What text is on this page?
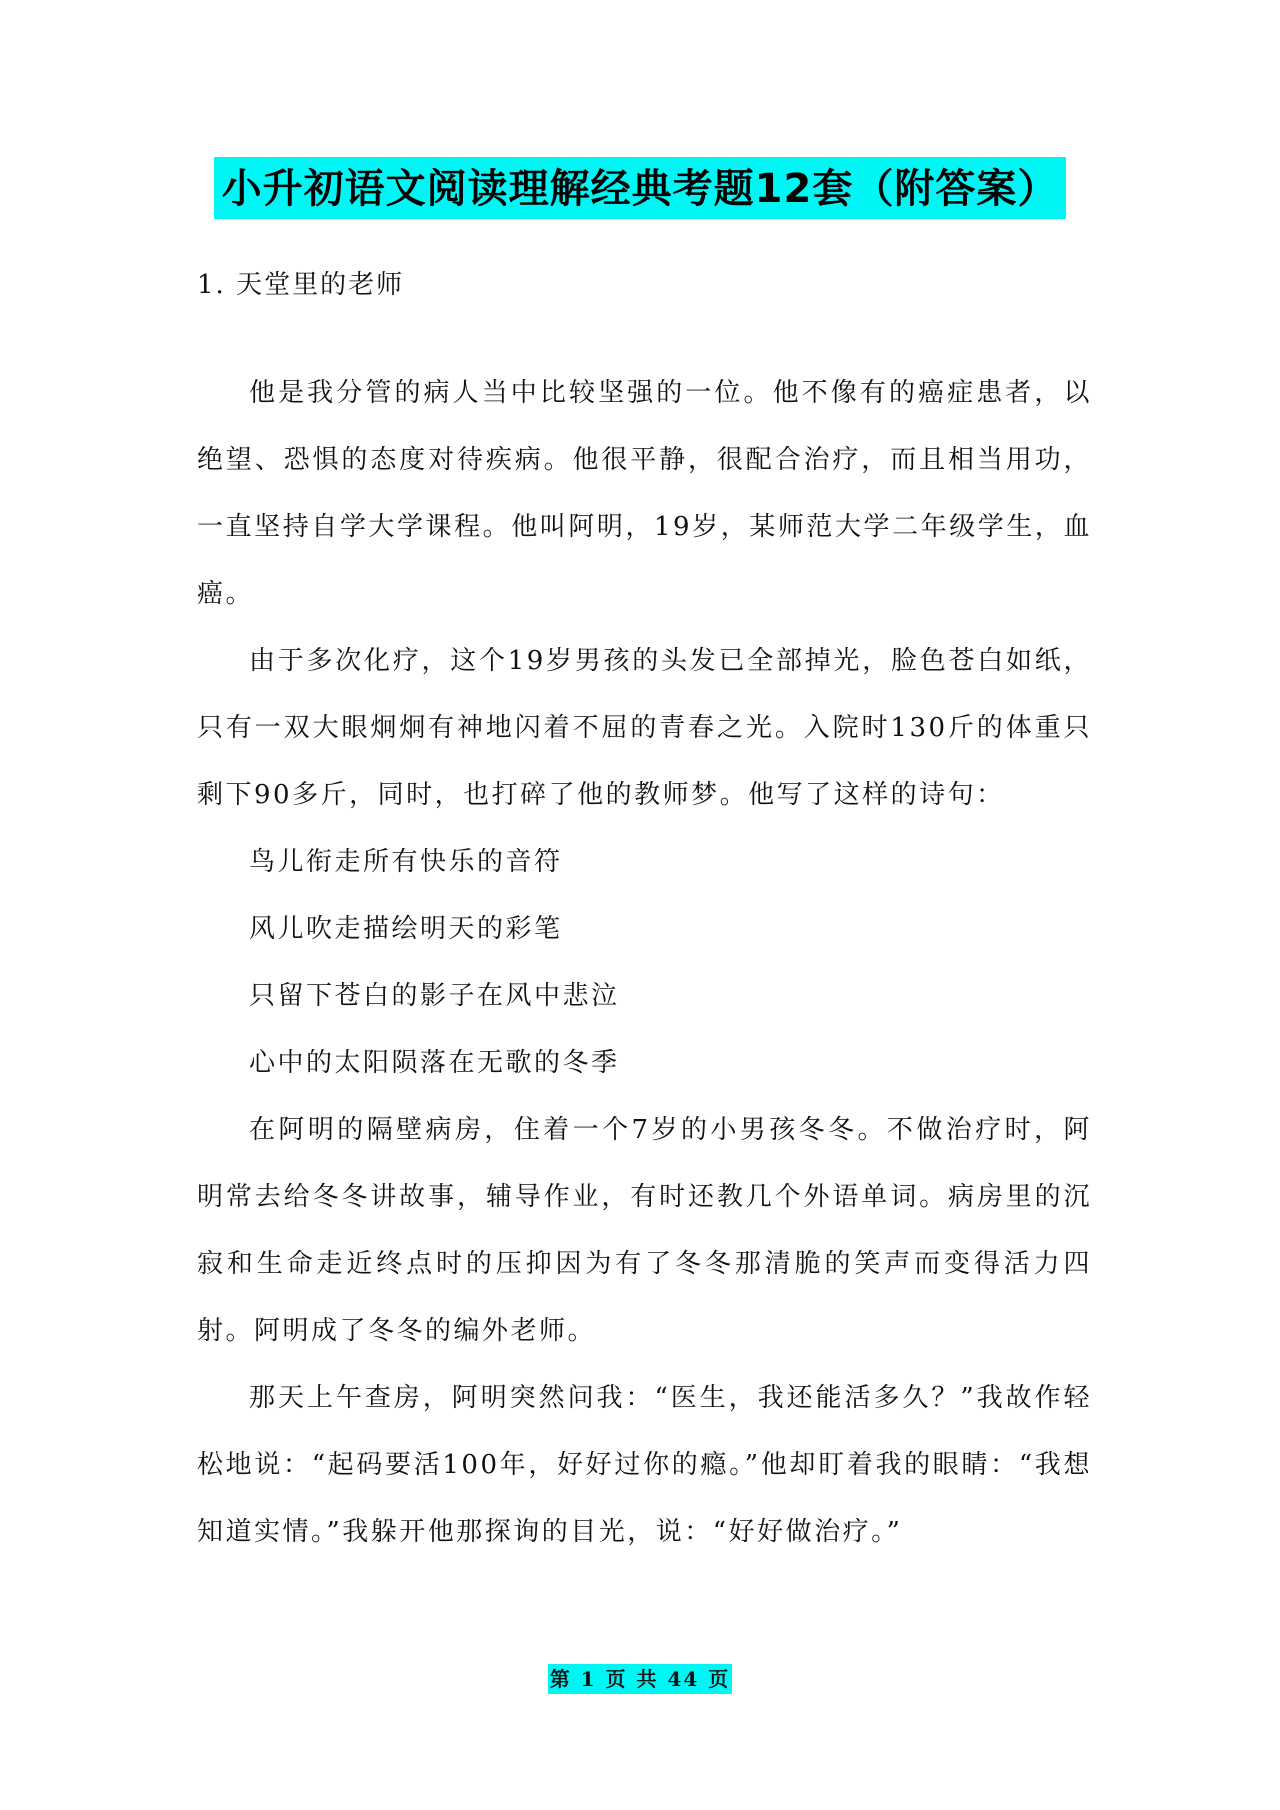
小升初语文阅读理解经典考题12套（附答案）
1. 天堂里的老师

他是我分管的病人当中比较坚强的一位。他不像有的癌症患者，以绝望、恐惧的态度对待疾病。他很平静，很配合治疗，而且相当用功，一直坚持自学大学课程。他叫阿明，19岁，某师范大学二年级学生，血癌。

由于多次化疗，这个19岁男孩的头发已全部掉光，脸色苍白如纸，只有一双大眼炯炯有神地闪着不屈的青春之光。入院时130斤的体重只剩下90多斤，同时，也打碎了他的教师梦。他写了这样的诗句：

鸟儿衔走所有快乐的音符

风儿吹走描绘明天的彩笔

只留下苍白的影子在风中悲泣

心中的太阳陨落在无歌的冬季

在阿明的隔壁病房，住着一个7岁的小男孩冬冬。不做治疗时，阿明常去给冬冬讲故事，辅导作业，有时还教几个外语单词。病房里的沉寂和生命走近终点时的压抑因为有了冬冬那清脆的笑声而变得活力四射。阿明成了冬冬的编外老师。

那天上午查房，阿明突然问我：“医生，我还能活多久？”我故作轻松地说：“起码要活100年，好好过你的瘾。”他却盯着我的眼睛：“我想知道实情。”我躲开他那探询的目光，说：“好好做治疗。”

第 1 页 共 44 页
